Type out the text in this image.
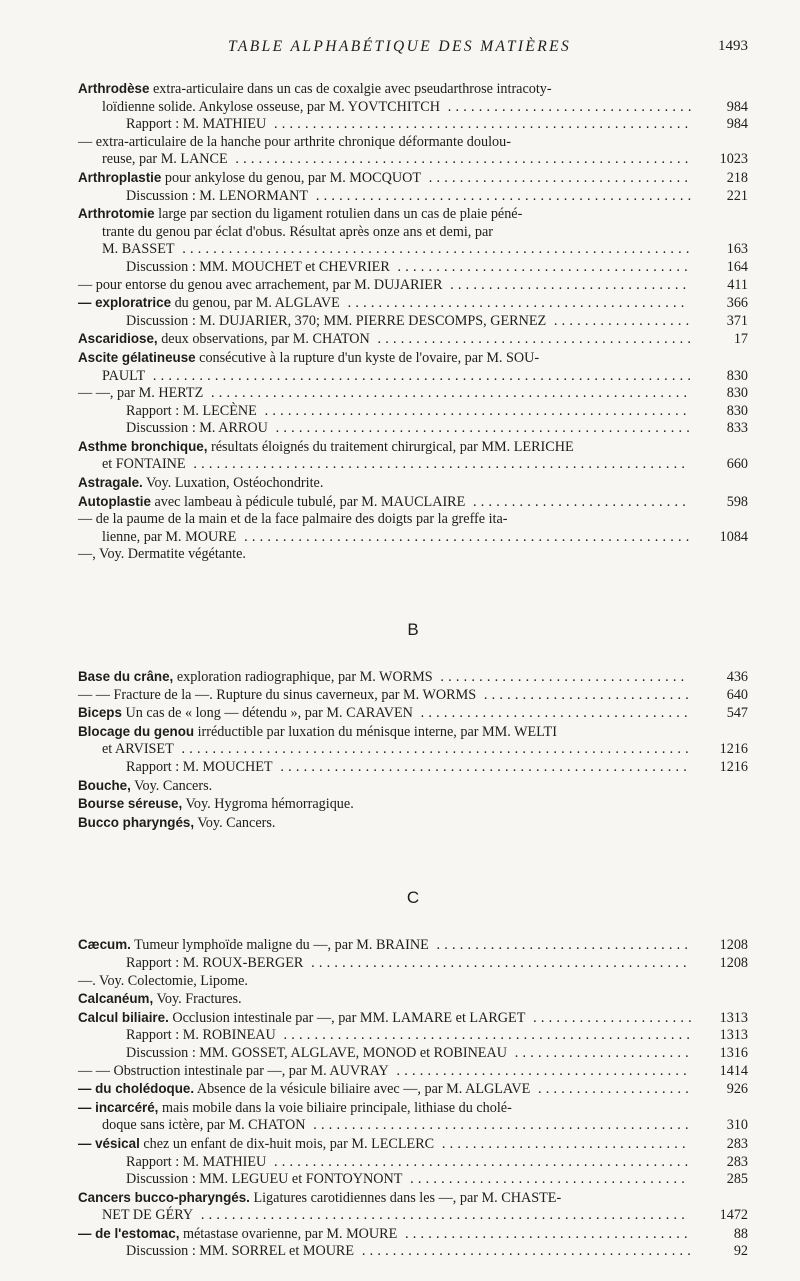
TABLE ALPHABÉTIQUE DES MATIÈRES	1493
Arthrodèse extra-articulaire dans un cas de coxalgie avec pseudarthrose intracoty-
loïdienne solide. Ankylose osseuse, par M. YOVTCHITCH ................................ 984
Rapport : M. MATHIEU ...................................................... 984
— extra-articulaire de la hanche pour arthrite chronique déformante doulou-
reuse, par M. LANCE ........................................................... 1023
Arthroplastie pour ankylose du genou, par M. MOCQUOT .................................. 218
Discussion : M. LENORMANT ................................................. 221
Arthrotomie large par section du ligament rotulien dans un cas de plaie péné-
trante du genou par éclat d'obus. Résultat après onze ans et demi, par
M. BASSET .................................................................. 163
Discussion : MM. MOUCHET et CHEVRIER ...................................... 164
— pour entorse du genou avec arrachement, par M. DUJARIER ...............................	411
— exploratrice du genou, par M. ALGLAVE ............................................	366
Discussion : M. DUJARIER, 370; MM. PIERRE DESCOMPS, GERNEZ .................. 371
Ascaridiose, deux observations, par M. CHATON .........................................	17
Ascite gélatineuse consécutive à la rupture d'un kyste de l'ovaire, par M. SOU-
PAULT ...................................................................... 830
— —, par M. HERTZ .............................................................. 830
Rapport : M. LECÈNE .......................................................	830
Discussion : M. ARROU ...................................................... 833
Asthme bronchique, résultats éloignés du traitement chirurgical, par MM. LERICHE
et FONTAINE ................................................................	660
Astragale. Voy. Luxation, Ostéochondrite.
Autoplastie avec lambeau à pédicule tubulé, par M. MAUCLAIRE ............................	598
— de la paume de la main et de la face palmaire des doigts par la greffe ita-
lienne, par M. MOURE .......................................................... 1084
—, Voy. Dermatite végétante.
B
Base du crâne, exploration radiographique, par M. WORMS ................................	436
— — Fracture de la —. Rupture du sinus caverneux, par M. WORMS ........................... 640
Biceps Un cas de « long — détendu », par M. CARAVEN ................................... 547
Blocage du genou irréductible par luxation du ménisque interne, par MM. WELTI
et ARVISET .................................................................. 1216
Rapport : M. MOUCHET ..................................................... 1216
Bouche, Voy. Cancers.
Bourse séreuse, Voy. Hygroma hémorragique.
Bucco pharyngés, Voy. Cancers.
C
Cæcum. Tumeur lymphoïde maligne du —, par M. BRAINE ................................. 1208
Rapport : M. ROUX-BERGER ................................................. 1208
—. Voy. Colectomie, Lipome.
Calcanéum, Voy. Fractures.
Calcul biliaire. Occlusion intestinale par —, par MM. LAMARE et LARGET ..................... 1313
Rapport : M. ROBINEAU ..................................................... 1313
Discussion : MM. GOSSET, ALGLAVE, MONOD et ROBINEAU ....................... 1316
— — Obstruction intestinale par —, par M. AUVRAY ...................................... 1414
— du cholédoque. Absence de la vésicule biliaire avec —, par M. ALGLAVE .................... 926
— incarcéré, mais mobile dans la voie biliaire principale, lithiase du cholé-
doque sans ictère, par M. CHATON ................................................. 310
— vésical chez un enfant de dix-huit mois, par M. LECLERC ................................	283
Rapport : M. MATHIEU ...................................................... 283
Discussion : MM. LEGUEU et FONTOYNONT ....................................	285
Cancers bucco-pharyngés. Ligatures carotidiennes dans les —, par M. CHASTE-
NET DE GÉRY ............................................................... 1472
— de l'estomac, métastase ovarienne, par M. MOURE .....................................	88
Discussion : MM. SORREL et MOURE ...........................................	92
